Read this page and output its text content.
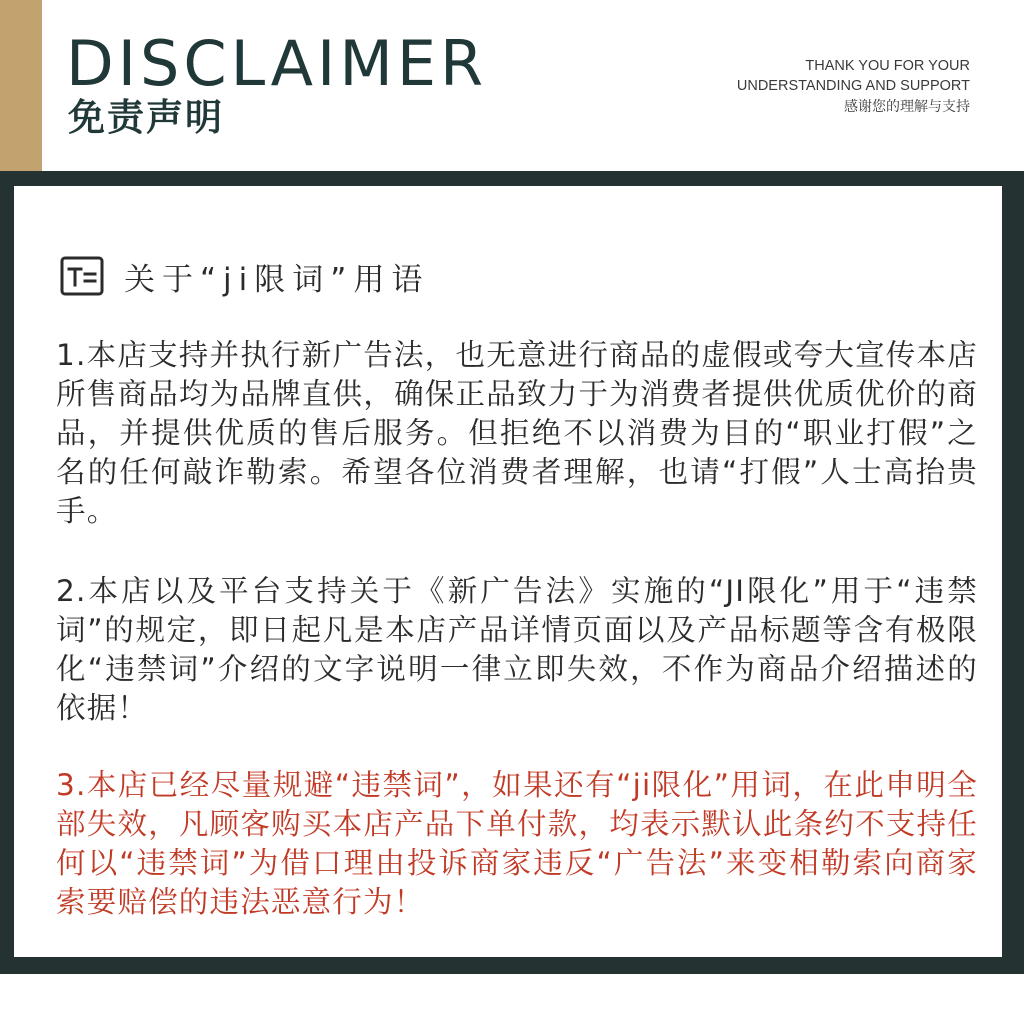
DISCLAIMER
免责声明
THANK YOU FOR YOUR
UNDERSTANDING AND SUPPORT
感谢您的理解与支持
关于“ji限词”用语
1.本店支持并执行新广告法，也无意进行商品的虚假或夸大宣传本店所售商品均为品牌直供，确保正品致力于为消费者提供优质优价的商品，并提供优质的售后服务。但拒绝不以消费为目的“职业打假”之名的任何敲诈勒索。希望各位消费者理解，也请“打假”人士高抬贵手。
2.本店以及平台支持关于《新广告法》实施的“JI限化”用于“违禁词”的规定，即日起凡是本店产品详情页面以及产品标题等含有极限化“违禁词”介绍的文字说明一律立即失效，不作为商品介绍描述的依据！
3.本店已经尽量规避“违禁词”，如果还有“ji限化”用词，在此申明全部失效，凡顾客购买本店产品下单付款，均表示默认此条约不支持任何以“违禁词”为借口理由投诉商家违反“广告法”来变相勒索向商家索要赔偿的违法恶意行为！
